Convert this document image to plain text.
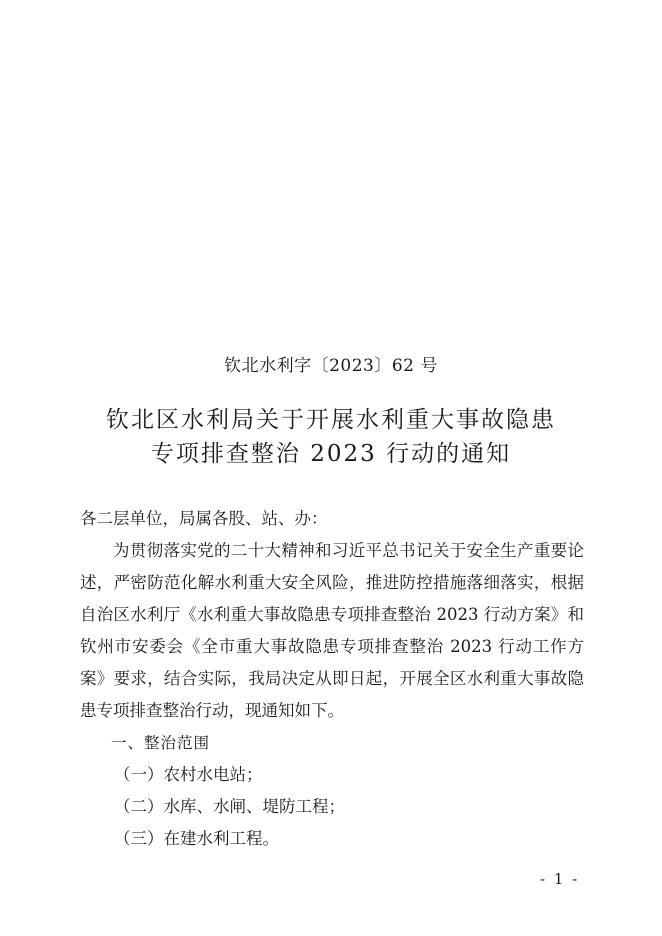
钦北水利字〔2023〕62 号
钦北区水利局关于开展水利重大事故隐患
专项排查整治 2023 行动的通知

各二层单位，局属各股、站、办：

为贯彻落实党的二十大精神和习近平总书记关于安全生产重要论述，严密防范化解水利重大安全风险，推进防控措施落细落实，根据自治区水利厅《水利重大事故隐患专项排查整治 2023 行动方案》和钦州市安委会《全市重大事故隐患专项排查整治 2023 行动工作方案》要求，结合实际，我局决定从即日起，开展全区水利重大事故隐患专项排查整治行动，现通知如下。

一、整治范围

（一）农村水电站；

（二）水库、水闸、堤防工程；

（三）在建水利工程。

- 1 -
